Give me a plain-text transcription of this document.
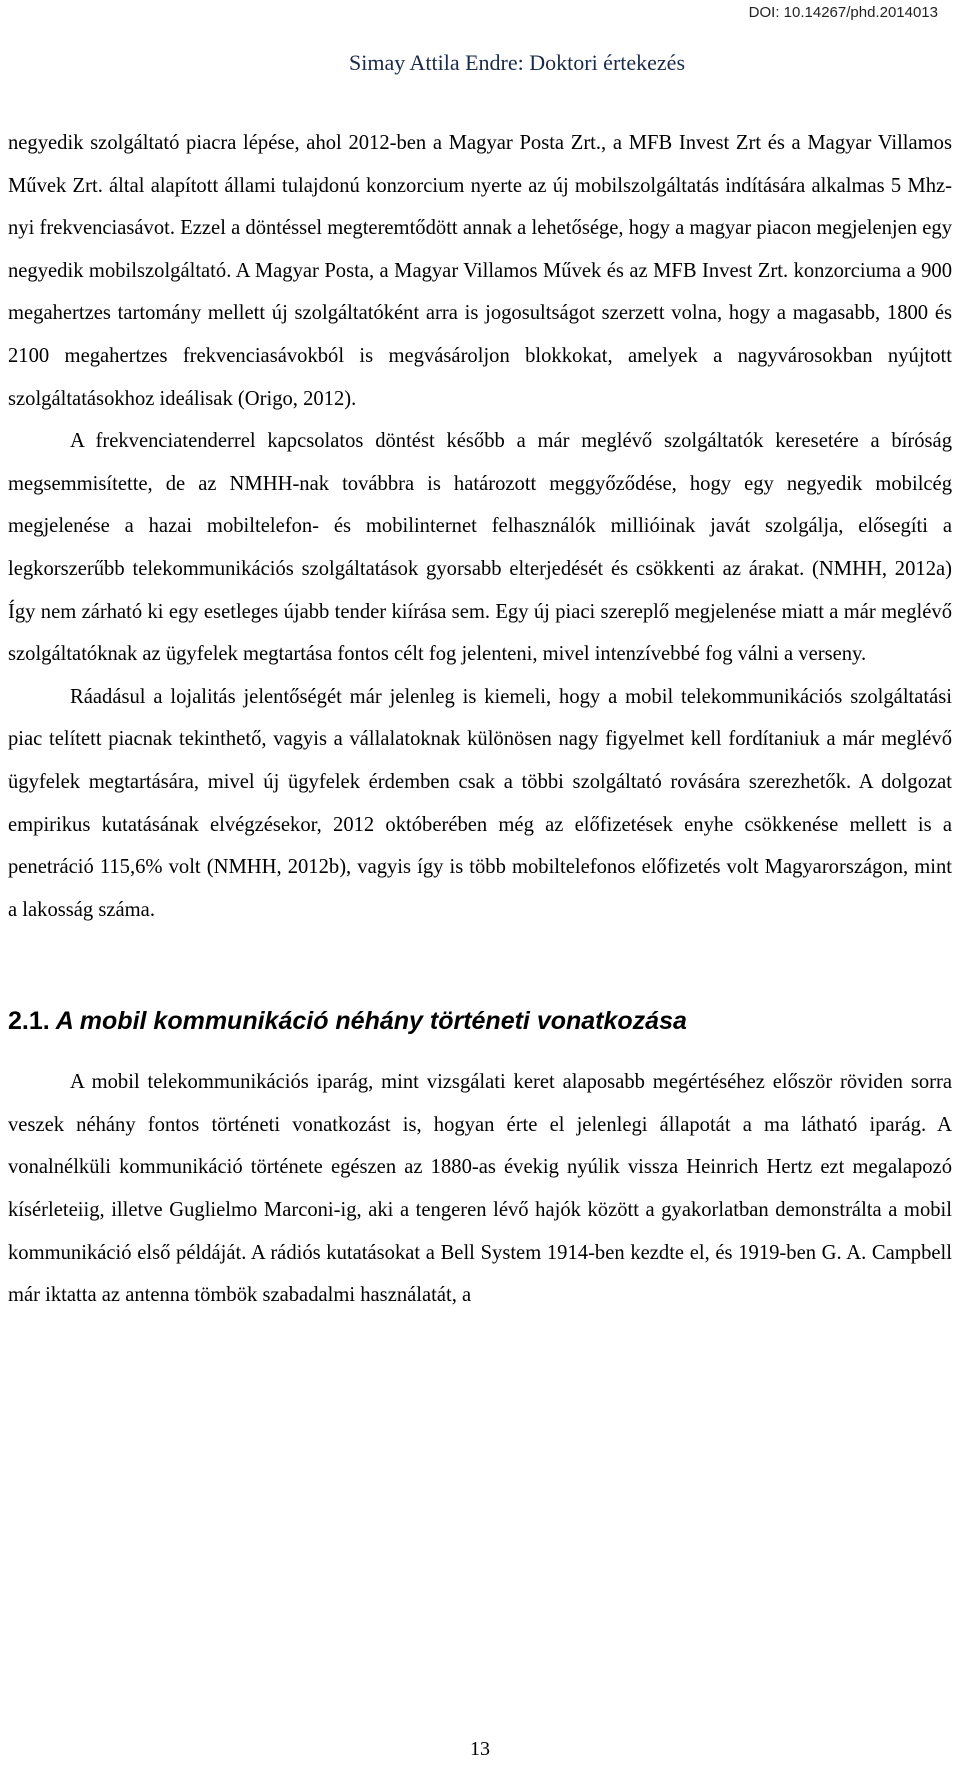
DOI: 10.14267/phd.2014013
Simay Attila Endre: Doktori értekezés

negyedik szolgáltató piacra lépése, ahol 2012-ben a Magyar Posta Zrt., a MFB Invest Zrt és a Magyar Villamos Művek Zrt. által alapított állami tulajdonú konzorcium nyerte az új mobilszolgáltatás indítására alkalmas 5 Mhz-nyi frekvenciasávot. Ezzel a döntéssel megteremtődött annak a lehetősége, hogy a magyar piacon megjelenjen egy negyedik mobilszolgáltató. A Magyar Posta, a Magyar Villamos Művek és az MFB Invest Zrt. konzorciuma a 900 megahertzes tartomány mellett új szolgáltatóként arra is jogosultságot szerzett volna, hogy a magasabb, 1800 és 2100 megahertzes frekvenciasávokból is megvásároljon blokkokat, amelyek a nagyvárosokban nyújtott szolgáltatásokhoz ideálisak (Origo, 2012).

A frekvenciatenderrel kapcsolatos döntést később a már meglévő szolgáltatók keresetére a bíróság megsemmisítette, de az NMHH-nak továbbra is határozott meggyőződése, hogy egy negyedik mobilcég megjelenése a hazai mobiltelefon- és mobilinternet felhasználók millióinak javát szolgálja, elősegíti a legkorszerűbb telekommunikációs szolgáltatások gyorsabb elterjedését és csökkenti az árakat. (NMHH, 2012a) Így nem zárható ki egy esetleges újabb tender kiírása sem. Egy új piaci szereplő megjelenése miatt a már meglévő szolgáltatóknak az ügyfelek megtartása fontos célt fog jelenteni, mivel intenzívebbé fog válni a verseny.

Ráadásul a lojalitás jelentőségét már jelenleg is kiemeli, hogy a mobil telekommunikációs szolgáltatási piac telített piacnak tekinthető, vagyis a vállalatoknak különösen nagy figyelmet kell fordítaniuk a már meglévő ügyfelek megtartására, mivel új ügyfelek érdemben csak a többi szolgáltató rovására szerezhetők. A dolgozat empirikus kutatásának elvégzésekor, 2012 októberében még az előfizetések enyhe csökkenése mellett is a penetráció 115,6% volt (NMHH, 2012b), vagyis így is több mobiltelefonos előfizetés volt Magyarországon, mint a lakosság száma.

2.1. A mobil kommunikáció néhány történeti vonatkozása

A mobil telekommunikációs iparág, mint vizsgálati keret alaposabb megértéséhez először röviden sorra veszek néhány fontos történeti vonatkozást is, hogyan érte el jelenlegi állapotát a ma látható iparág. A vonalnélküli kommunikáció története egészen az 1880-as évekig nyúlik vissza Heinrich Hertz ezt megalapozó kísérleteiig, illetve Guglielmo Marconi-ig, aki a tengeren lévő hajók között a gyakorlatban demonstrálta a mobil kommunikáció első példáját. A rádiós kutatásokat a Bell System 1914-ben kezdte el, és 1919-ben G. A. Campbell már iktatta az antenna tömbök szabadalmi használatát, a

13
